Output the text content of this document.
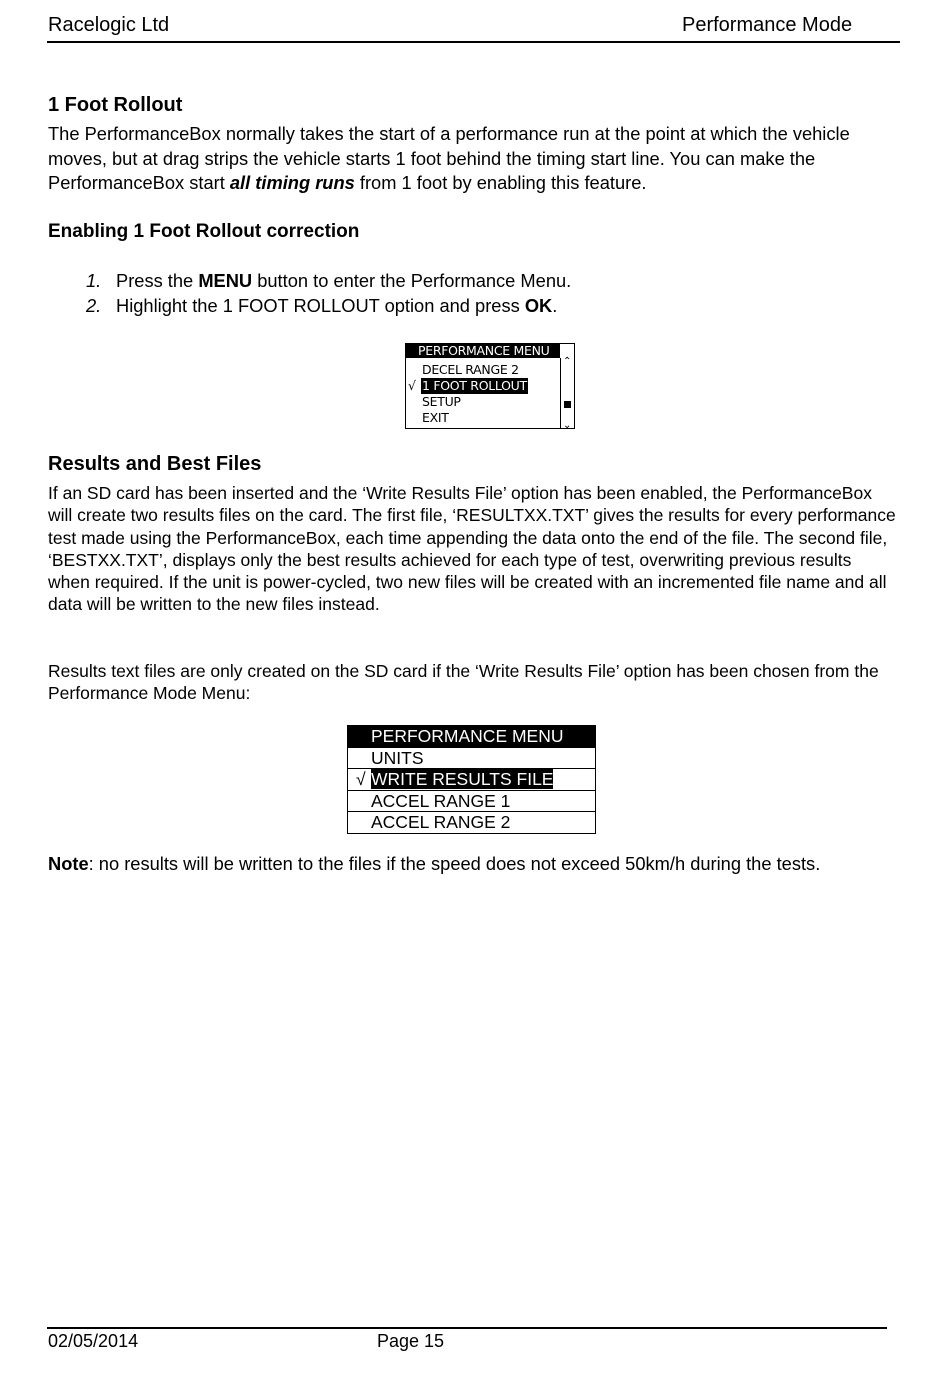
Racelogic Ltd	Performance Mode
1 Foot Rollout

The PerformanceBox normally takes the start of a performance run at the point at which the vehicle moves, but at drag strips the vehicle starts 1 foot behind the timing start line. You can make the PerformanceBox start all timing runs from 1 foot by enabling this feature.

Enabling 1 Foot Rollout correction
1. Press the MENU button to enter the Performance Menu.
2. Highlight the 1 FOOT ROLLOUT option and press OK.
PERFORMANCE MENU
DECEL RANGE 2
√ 1 FOOT ROLLOUT
SETUP
EXIT
⌃
⌄
Results and Best Files

If an SD card has been inserted and the ‘Write Results File’ option has been enabled, the PerformanceBox will create two results files on the card. The first file, ‘RESULTXX.TXT’ gives the results for every performance test made using the PerformanceBox, each time appending the data onto the end of the file. The second file, ‘BESTXX.TXT’, displays only the best results achieved for each type of test, overwriting previous results when required. If the unit is power-cycled, two new files will be created with an incremented file name and all data will be written to the new files instead.

Results text files are only created on the SD card if the ‘Write Results File’ option has been chosen from the Performance Mode Menu:

PERFORMANCE MENU

UNITS

√ WRITE RESULTS FILE

ACCEL RANGE 1

ACCEL RANGE 2

Note: no results will be written to the files if the speed does not exceed 50km/h during the tests.

02/05/2014	Page 15
